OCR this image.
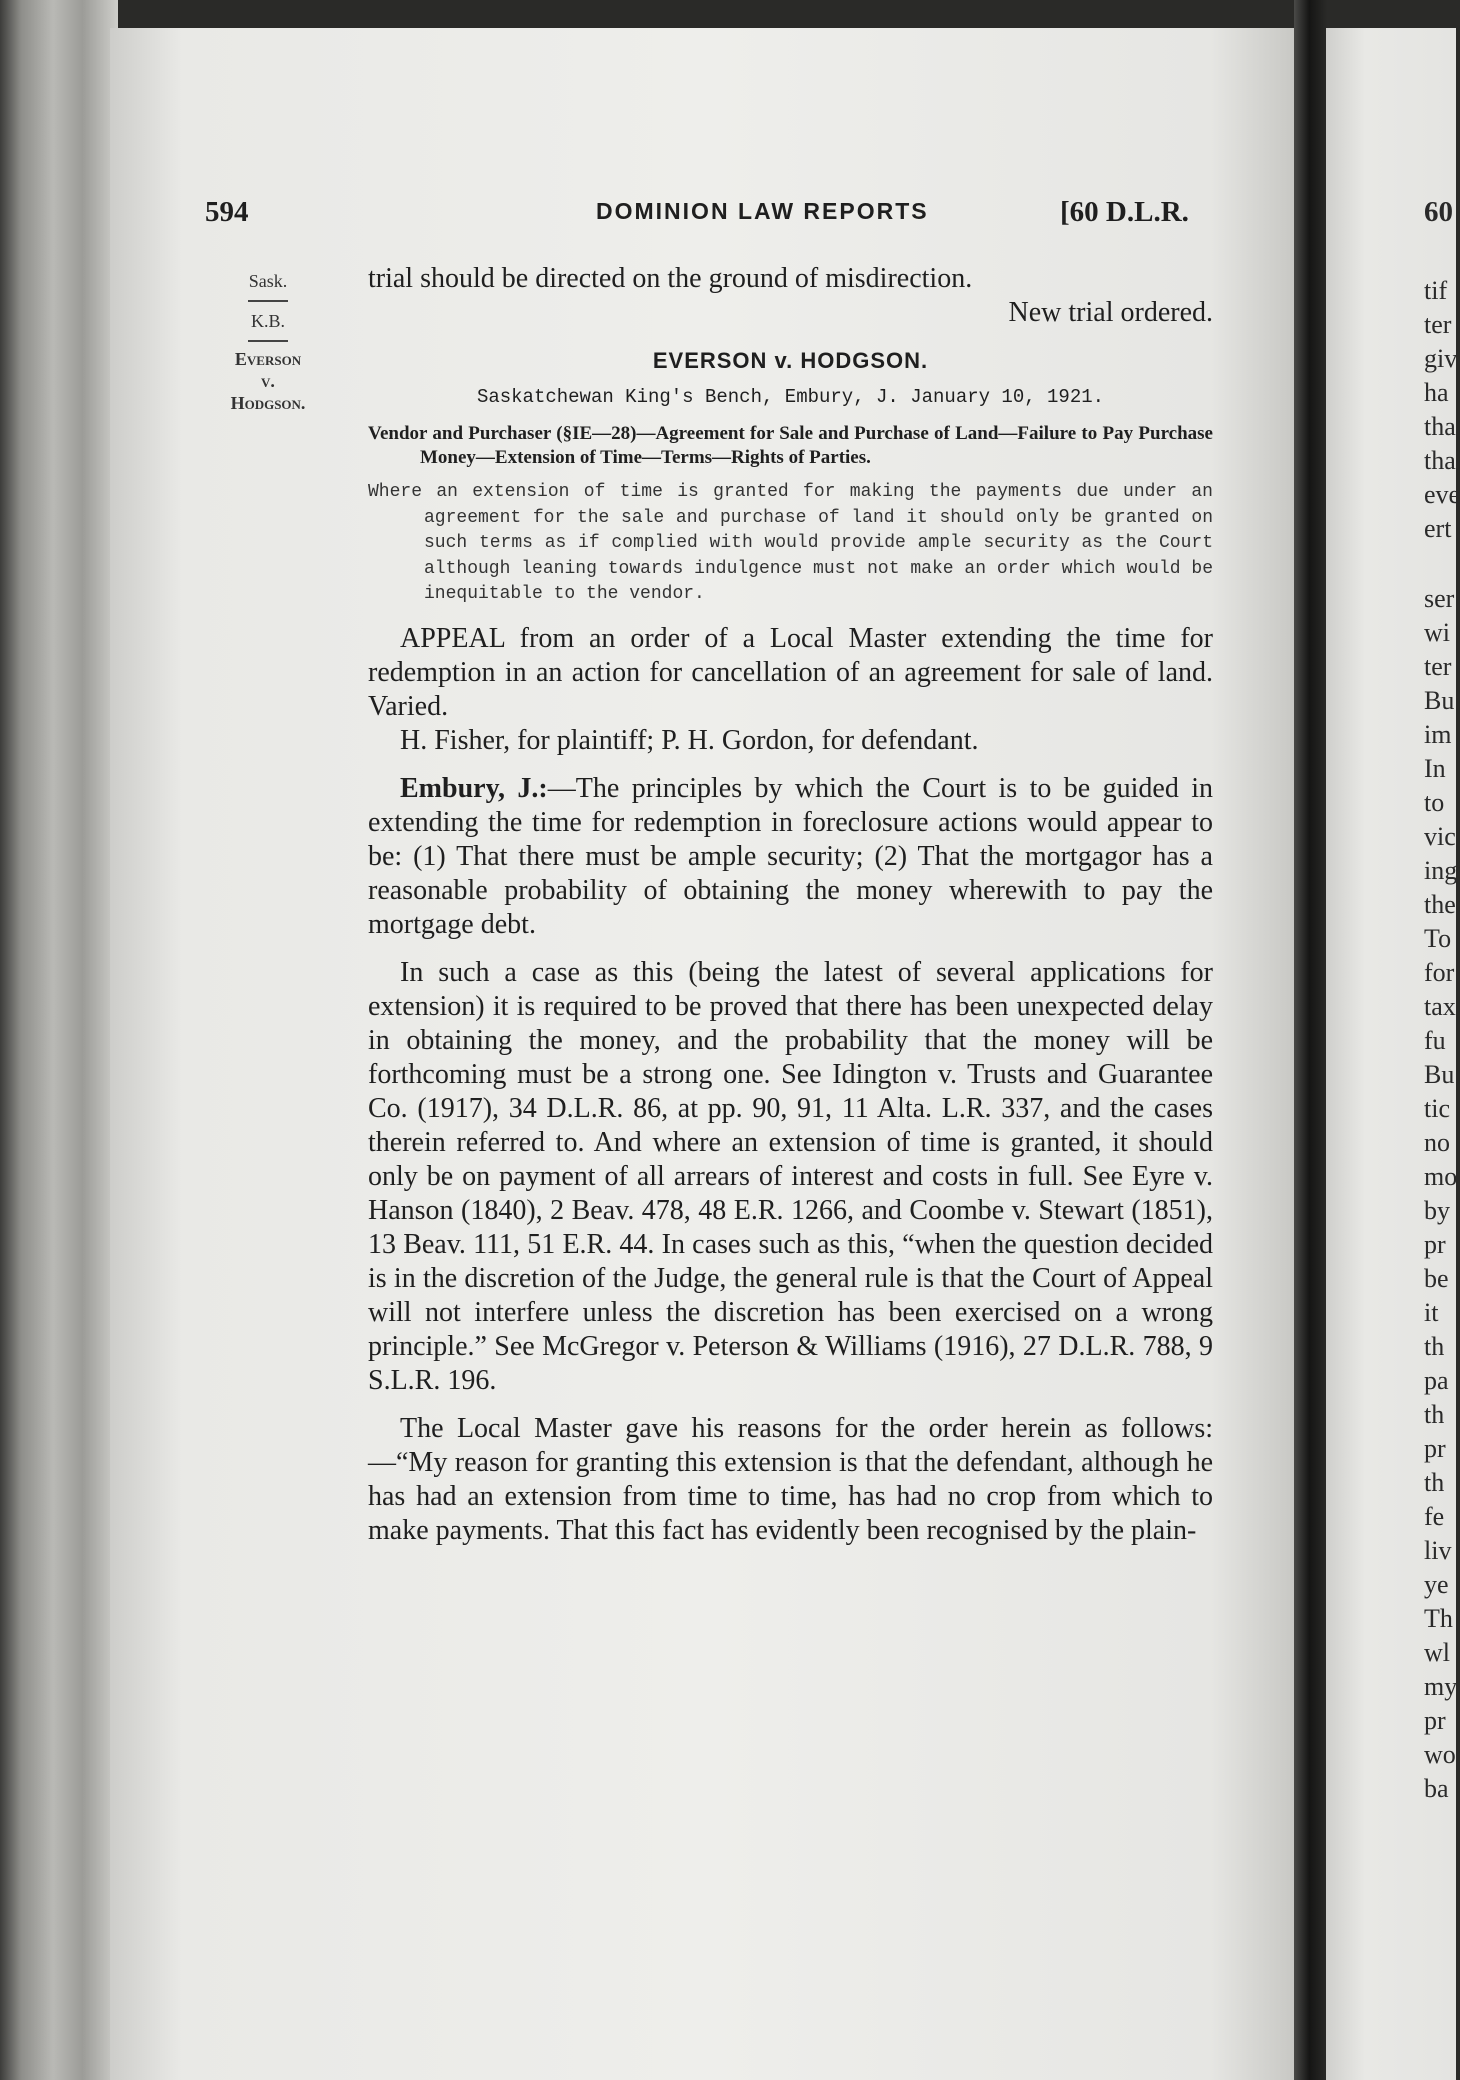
594	DOMINION LAW REPORTS	[60 D.L.R.	60
Sask.
K.B.
Everson
v.
Hodgson.

trial should be directed on the ground of misdirection.

New trial ordered.

EVERSON v. HODGSON.
Saskatchewan King's Bench, Embury, J. January 10, 1921.
Vendor and Purchaser (§IE—28)—Agreement for Sale and Purchase of Land—Failure to Pay Purchase Money—Extension of Time—Terms—Rights of Parties.
Where an extension of time is granted for making the payments due under an agreement for the sale and purchase of land it should only be granted on such terms as if complied with would provide ample security as the Court although leaning towards indulgence must not make an order which would be inequitable to the vendor.

APPEAL from an order of a Local Master extending the time for redemption in an action for cancellation of an agreement for sale of land. Varied.

H. Fisher, for plaintiff; P. H. Gordon, for defendant.

Embury, J.:—The principles by which the Court is to be guided in extending the time for redemption in foreclosure actions would appear to be: (1) That there must be ample security; (2) That the mortgagor has a reasonable probability of obtaining the money wherewith to pay the mortgage debt.

In such a case as this (being the latest of several applications for extension) it is required to be proved that there has been unexpected delay in obtaining the money, and the probability that the money will be forthcoming must be a strong one. See Idington v. Trusts and Guarantee Co. (1917), 34 D.L.R. 86, at pp. 90, 91, 11 Alta. L.R. 337, and the cases therein referred to. And where an extension of time is granted, it should only be on payment of all arrears of interest and costs in full. See Eyre v. Hanson (1840), 2 Beav. 478, 48 E.R. 1266, and Coombe v. Stewart (1851), 13 Beav. 111, 51 E.R. 44. In cases such as this, “when the question decided is in the discretion of the Judge, the general rule is that the Court of Appeal will not interfere unless the discretion has been exercised on a wrong principle.” See McGregor v. Peterson & Williams (1916), 27 D.L.R. 788, 9 S.L.R. 196.

The Local Master gave his reasons for the order herein as follows:—“My reason for granting this extension is that the defendant, although he has had an extension from time to time, has had no crop from which to make payments. That this fact has evidently been recognised by the plain-

tif
ter
giv
ha
tha
tha
eve
ert
ser
wi
ter
Bu
im
In
to
vic
ing
the
To
for
tax
fu
Bu
tic
no
mo
by
pr
be
it
th
pa
th
pr
th
fe
liv
ye
Th
wl
my
pr
wo
ba
